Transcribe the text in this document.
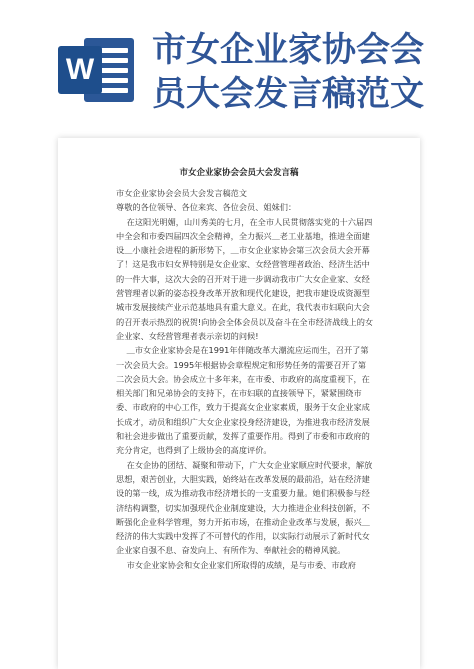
W 市女企业家协会会
员大会发言稿范文
市女企业家协会会员大会发言稿

市女企业家协会会员大会发言稿范文

尊敬的各位领导、各位来宾、各位会员、姐妹们：

在这阳光明媚，山川秀美的七月，在全市人民贯彻落实党的十六届四中全会和市委四届四次全会精神，全力振兴＿老工业基地，推进全面建设＿小康社会进程的新形势下，＿市女企业家协会第三次会员大会开幕了！这是我市妇女界特别是女企业家、女经营管理者政治、经济生活中的一件大事，这次大会的召开对于进一步调动我市广大女企业家、女经营管理者以新的姿态投身改革开放和现代化建设，把我市建设成资源型城市发展接续产业示范基地具有重大意义。在此，我代表市妇联向大会的召开表示热烈的祝贺!向协会全体会员以及奋斗在全市经济战线上的女企业家、女经营管理者表示亲切的问候!

＿市女企业家协会是在1991年伴随改革大潮流应运而生，召开了第一次会员大会。1995年根据协会章程规定和形势任务的需要召开了第二次会员大会。协会成立十多年来，在市委、市政府的高度重视下，在相关部门和兄弟协会的支持下，在市妇联的直接领导下，紧紧围绕市委、市政府的中心工作，致力于提高女企业家素质，服务于女企业家成长成才，动员和组织广大女企业家投身经济建设，为推进我市经济发展和社会进步做出了重要贡献，发挥了重要作用。得到了市委和市政府的充分肯定，也得到了上级协会的高度评价。

在女企协的团结、凝聚和带动下，广大女企业家顺应时代要求，解放思想，艰苦创业，大胆实践，始终站在改革发展的最前沿，站在经济建设的第一线，成为推动我市经济增长的一支重要力量。她们积极参与经济结构调整，切实加强现代企业制度建设，大力推进企业科技创新，不断强化企业科学管理，努力开拓市场，在推动企业改革与发展，振兴＿经济的伟大实践中发挥了不可替代的作用，以实际行动展示了新时代女企业家自强不息、奋发向上、有所作为、奉献社会的精神风貌。

市女企业家协会和女企业家们所取得的成绩，是与市委、市政府
